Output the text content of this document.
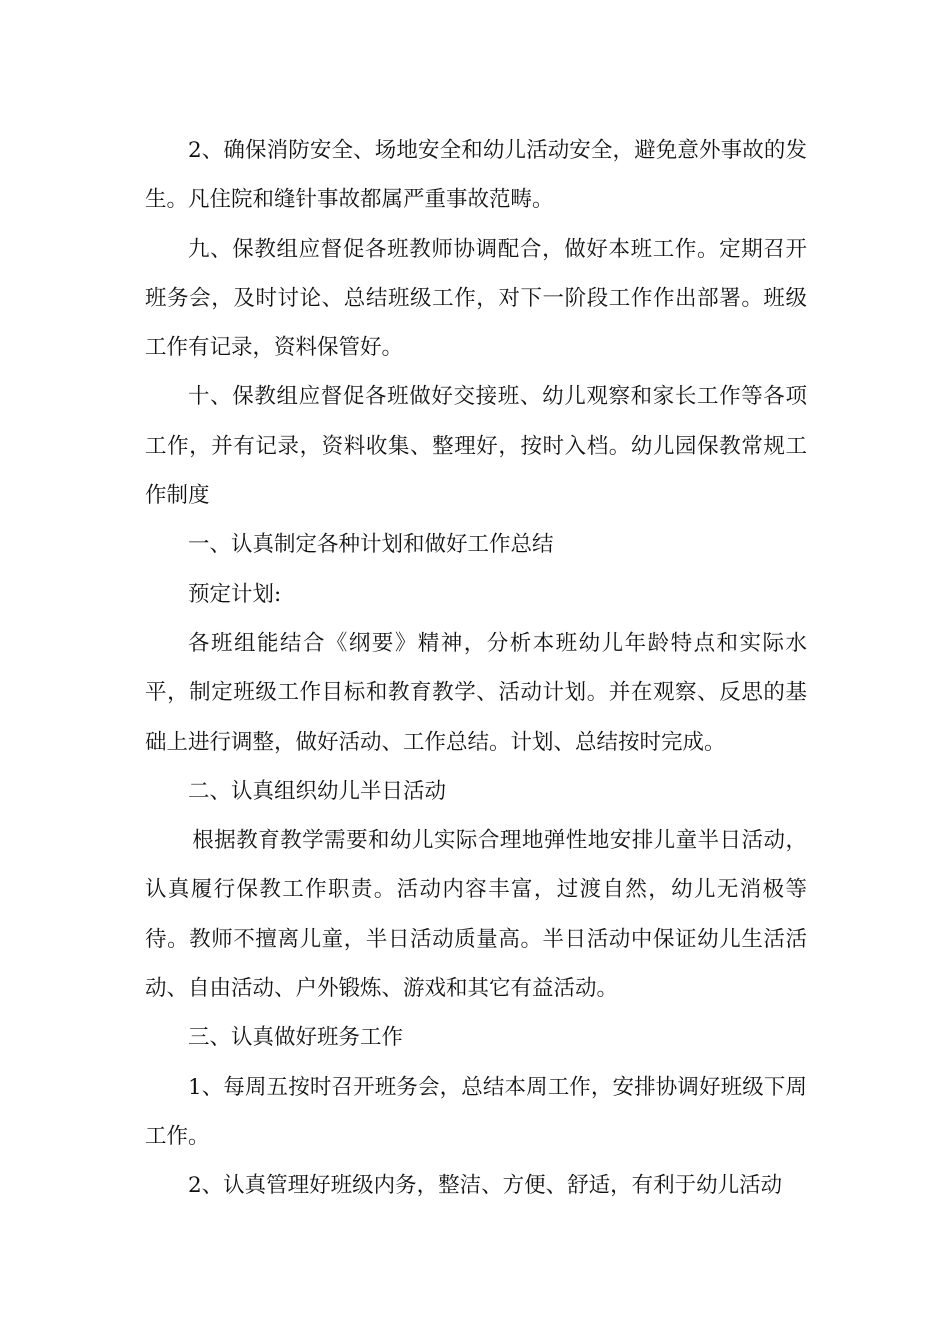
2、确保消防安全、场地安全和幼儿活动安全，避免意外事故的发生。凡住院和缝针事故都属严重事故范畴。

九、保教组应督促各班教师协调配合，做好本班工作。定期召开班务会，及时讨论、总结班级工作，对下一阶段工作作出部署。班级工作有记录，资料保管好。

十、保教组应督促各班做好交接班、幼儿观察和家长工作等各项工作，并有记录，资料收集、整理好，按时入档。幼儿园保教常规工作制度

一、认真制定各种计划和做好工作总结

预定计划:

各班组能结合《纲要》精神，分析本班幼儿年龄特点和实际水平，制定班级工作目标和教育教学、活动计划。并在观察、反思的基础上进行调整，做好活动、工作总结。计划、总结按时完成。

二、认真组织幼儿半日活动

根据教育教学需要和幼儿实际合理地弹性地安排儿童半日活动，认真履行保教工作职责。活动内容丰富，过渡自然，幼儿无消极等待。教师不擅离儿童，半日活动质量高。半日活动中保证幼儿生活活动、自由活动、户外锻炼、游戏和其它有益活动。

三、认真做好班务工作

1、每周五按时召开班务会，总结本周工作，安排协调好班级下周工作。

2、认真管理好班级内务，整洁、方便、舒适，有利于幼儿活动
